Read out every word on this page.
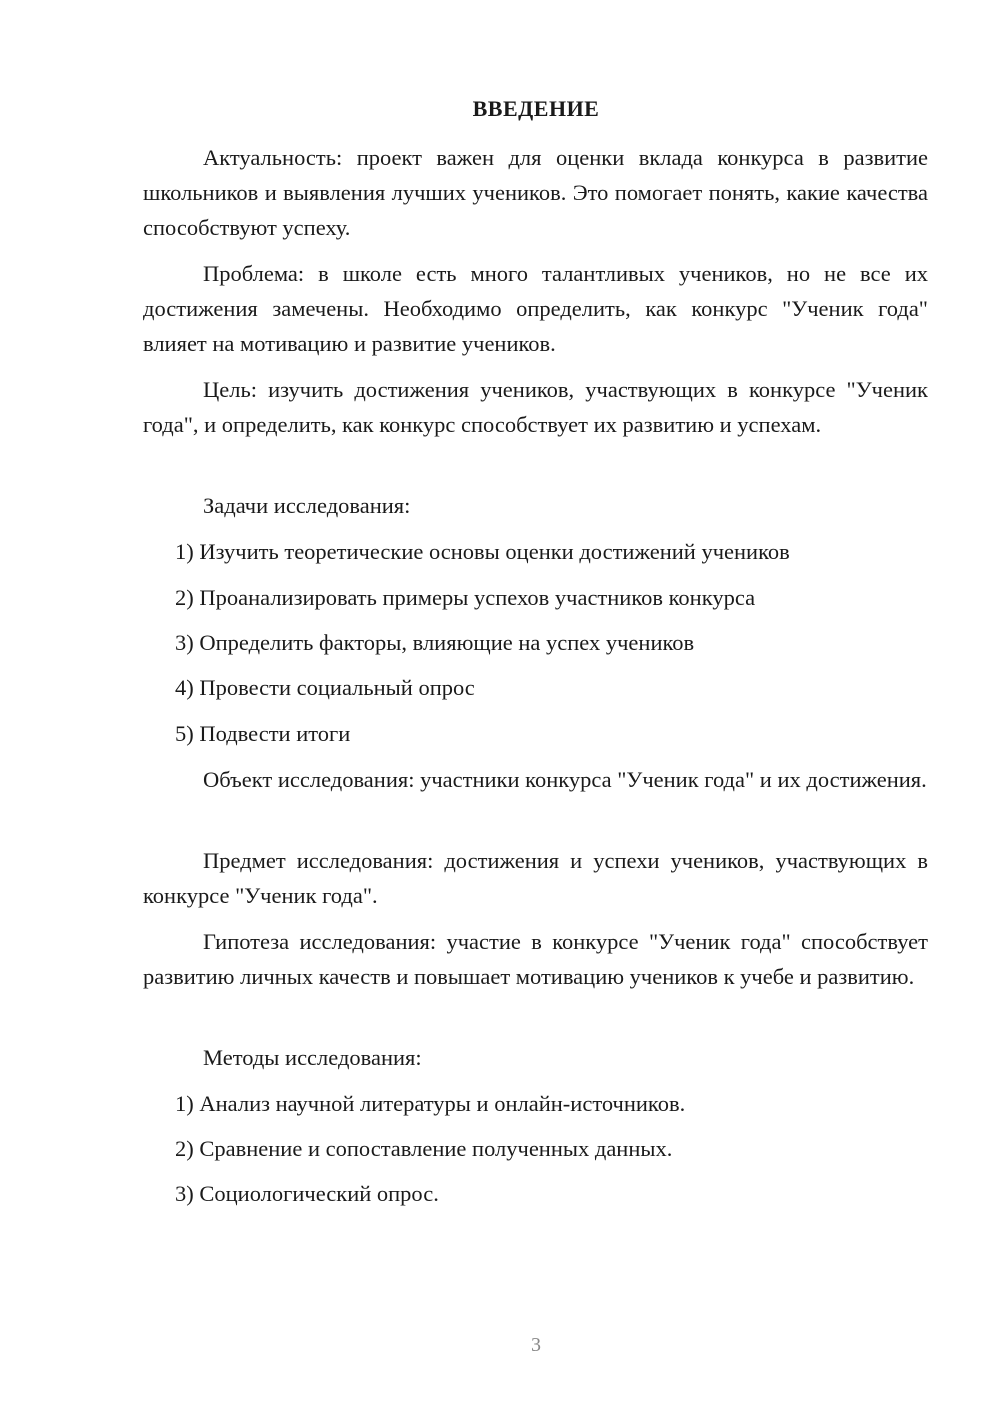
ВВЕДЕНИЕ
Актуальность: проект важен для оценки вклада конкурса в развитие школьников и выявления лучших учеников. Это помогает понять, какие качества способствуют успеху.
Проблема: в школе есть много талантливых учеников, но не все их достижения замечены. Необходимо определить, как конкурс "Ученик года" влияет на мотивацию и развитие учеников.
Цель: изучить достижения учеников, участвующих в конкурсе "Ученик года", и определить, как конкурс способствует их развитию и успехам.
Задачи исследования:
1) Изучить теоретические основы оценки достижений учеников
2) Проанализировать примеры успехов участников конкурса
3) Определить факторы, влияющие на успех учеников
4) Провести социальный опрос
5) Подвести итоги
Объект исследования: участники конкурса "Ученик года" и их достижения.
Предмет исследования: достижения и успехи учеников, участвующих в конкурсе "Ученик года".
Гипотеза исследования: участие в конкурсе "Ученик года" способствует развитию личных качеств и повышает мотивацию учеников к учебе и развитию.
Методы исследования:
1) Анализ научной литературы и онлайн-источников.
2) Сравнение и сопоставление полученных данных.
3) Социологический опрос.
3
